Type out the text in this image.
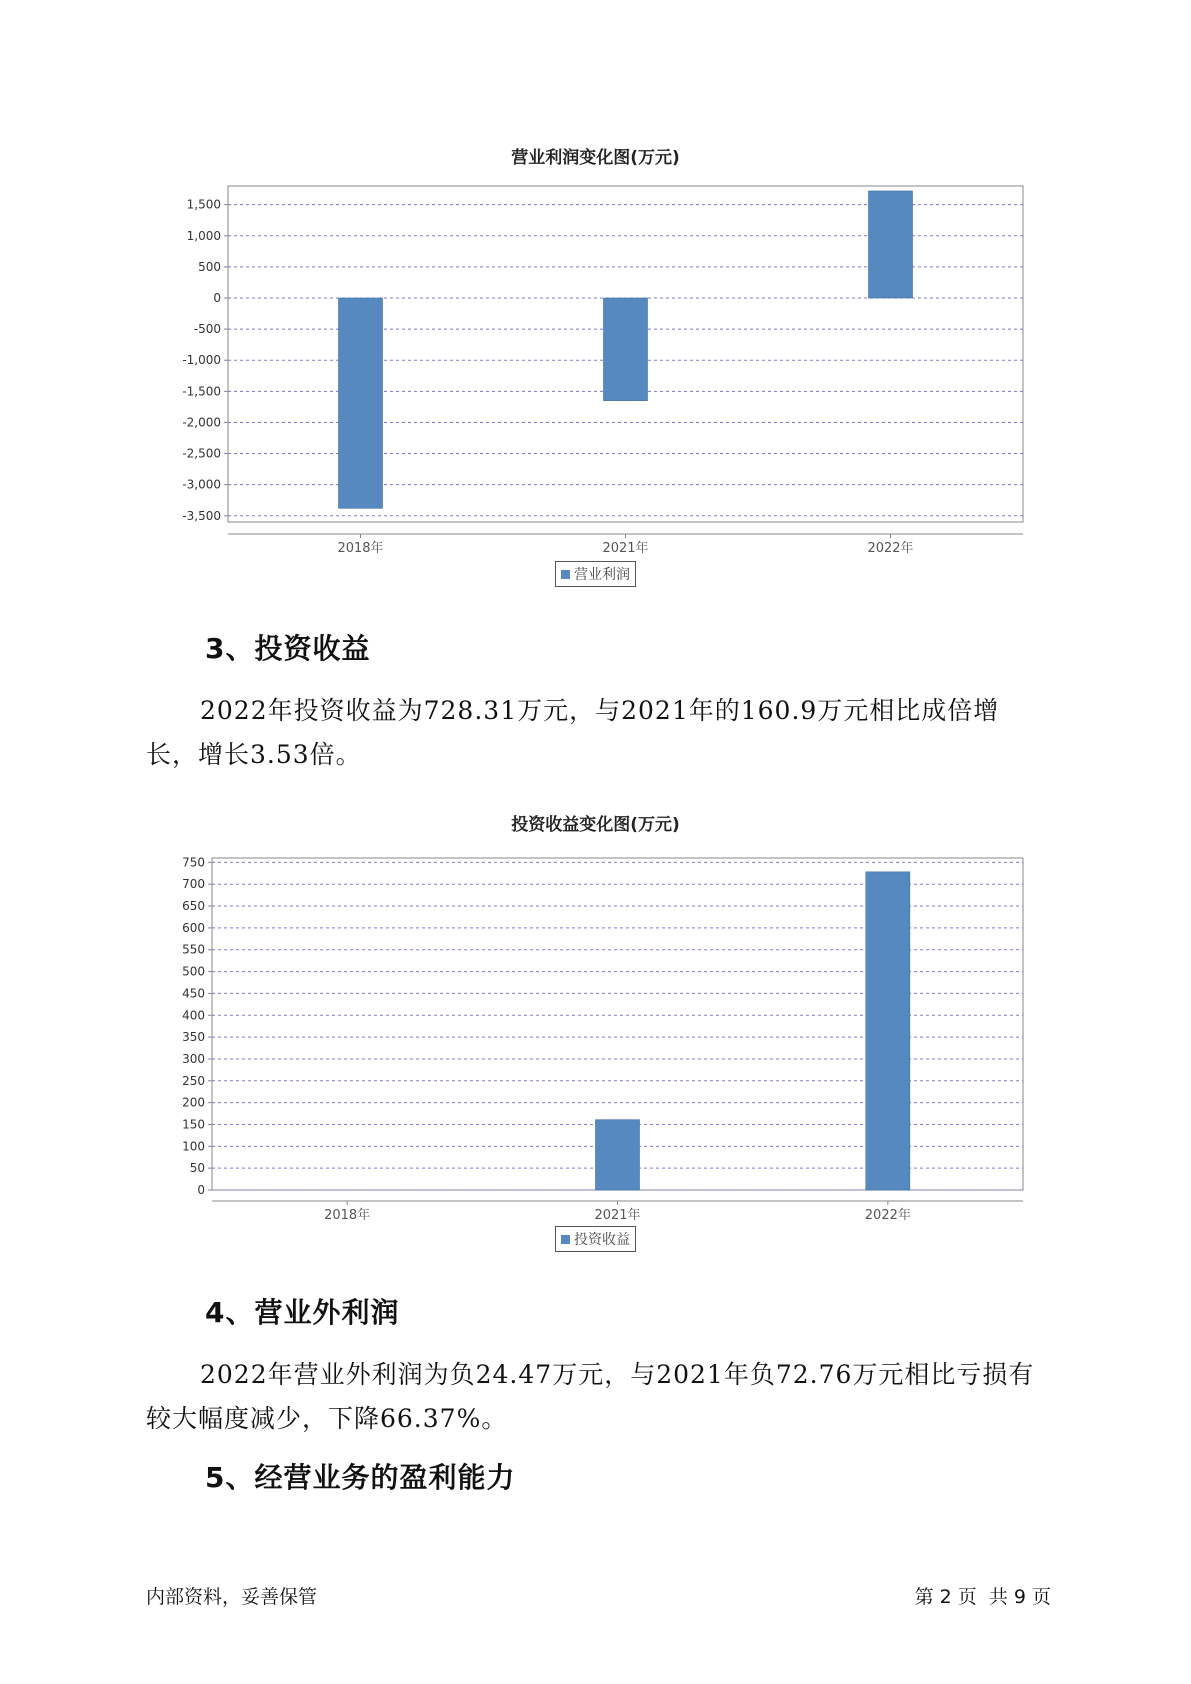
营业利润变化图(万元)
1,500
1,000
500
0
-500
-1,000
-1,500
-2,000
-2,500
-3,000
-3,500
2018年	2021年	2022年
营业利润
3、投资收益
2022年投资收益为728.31万元，与2021年的160.9万元相比成倍增长，增长3.53倍。
投资收益变化图(万元)
750
700
650
600
550
500
450
400
350
300
250
200
150
100
50
0
2018年	2021年	2022年
投资收益
4、营业外利润
2022年营业外利润为负24.47万元，与2021年负72.76万元相比亏损有较大幅度减少，下降66.37%。
5、经营业务的盈利能力
内部资料，妥善保管	第 2 页  共 9 页
